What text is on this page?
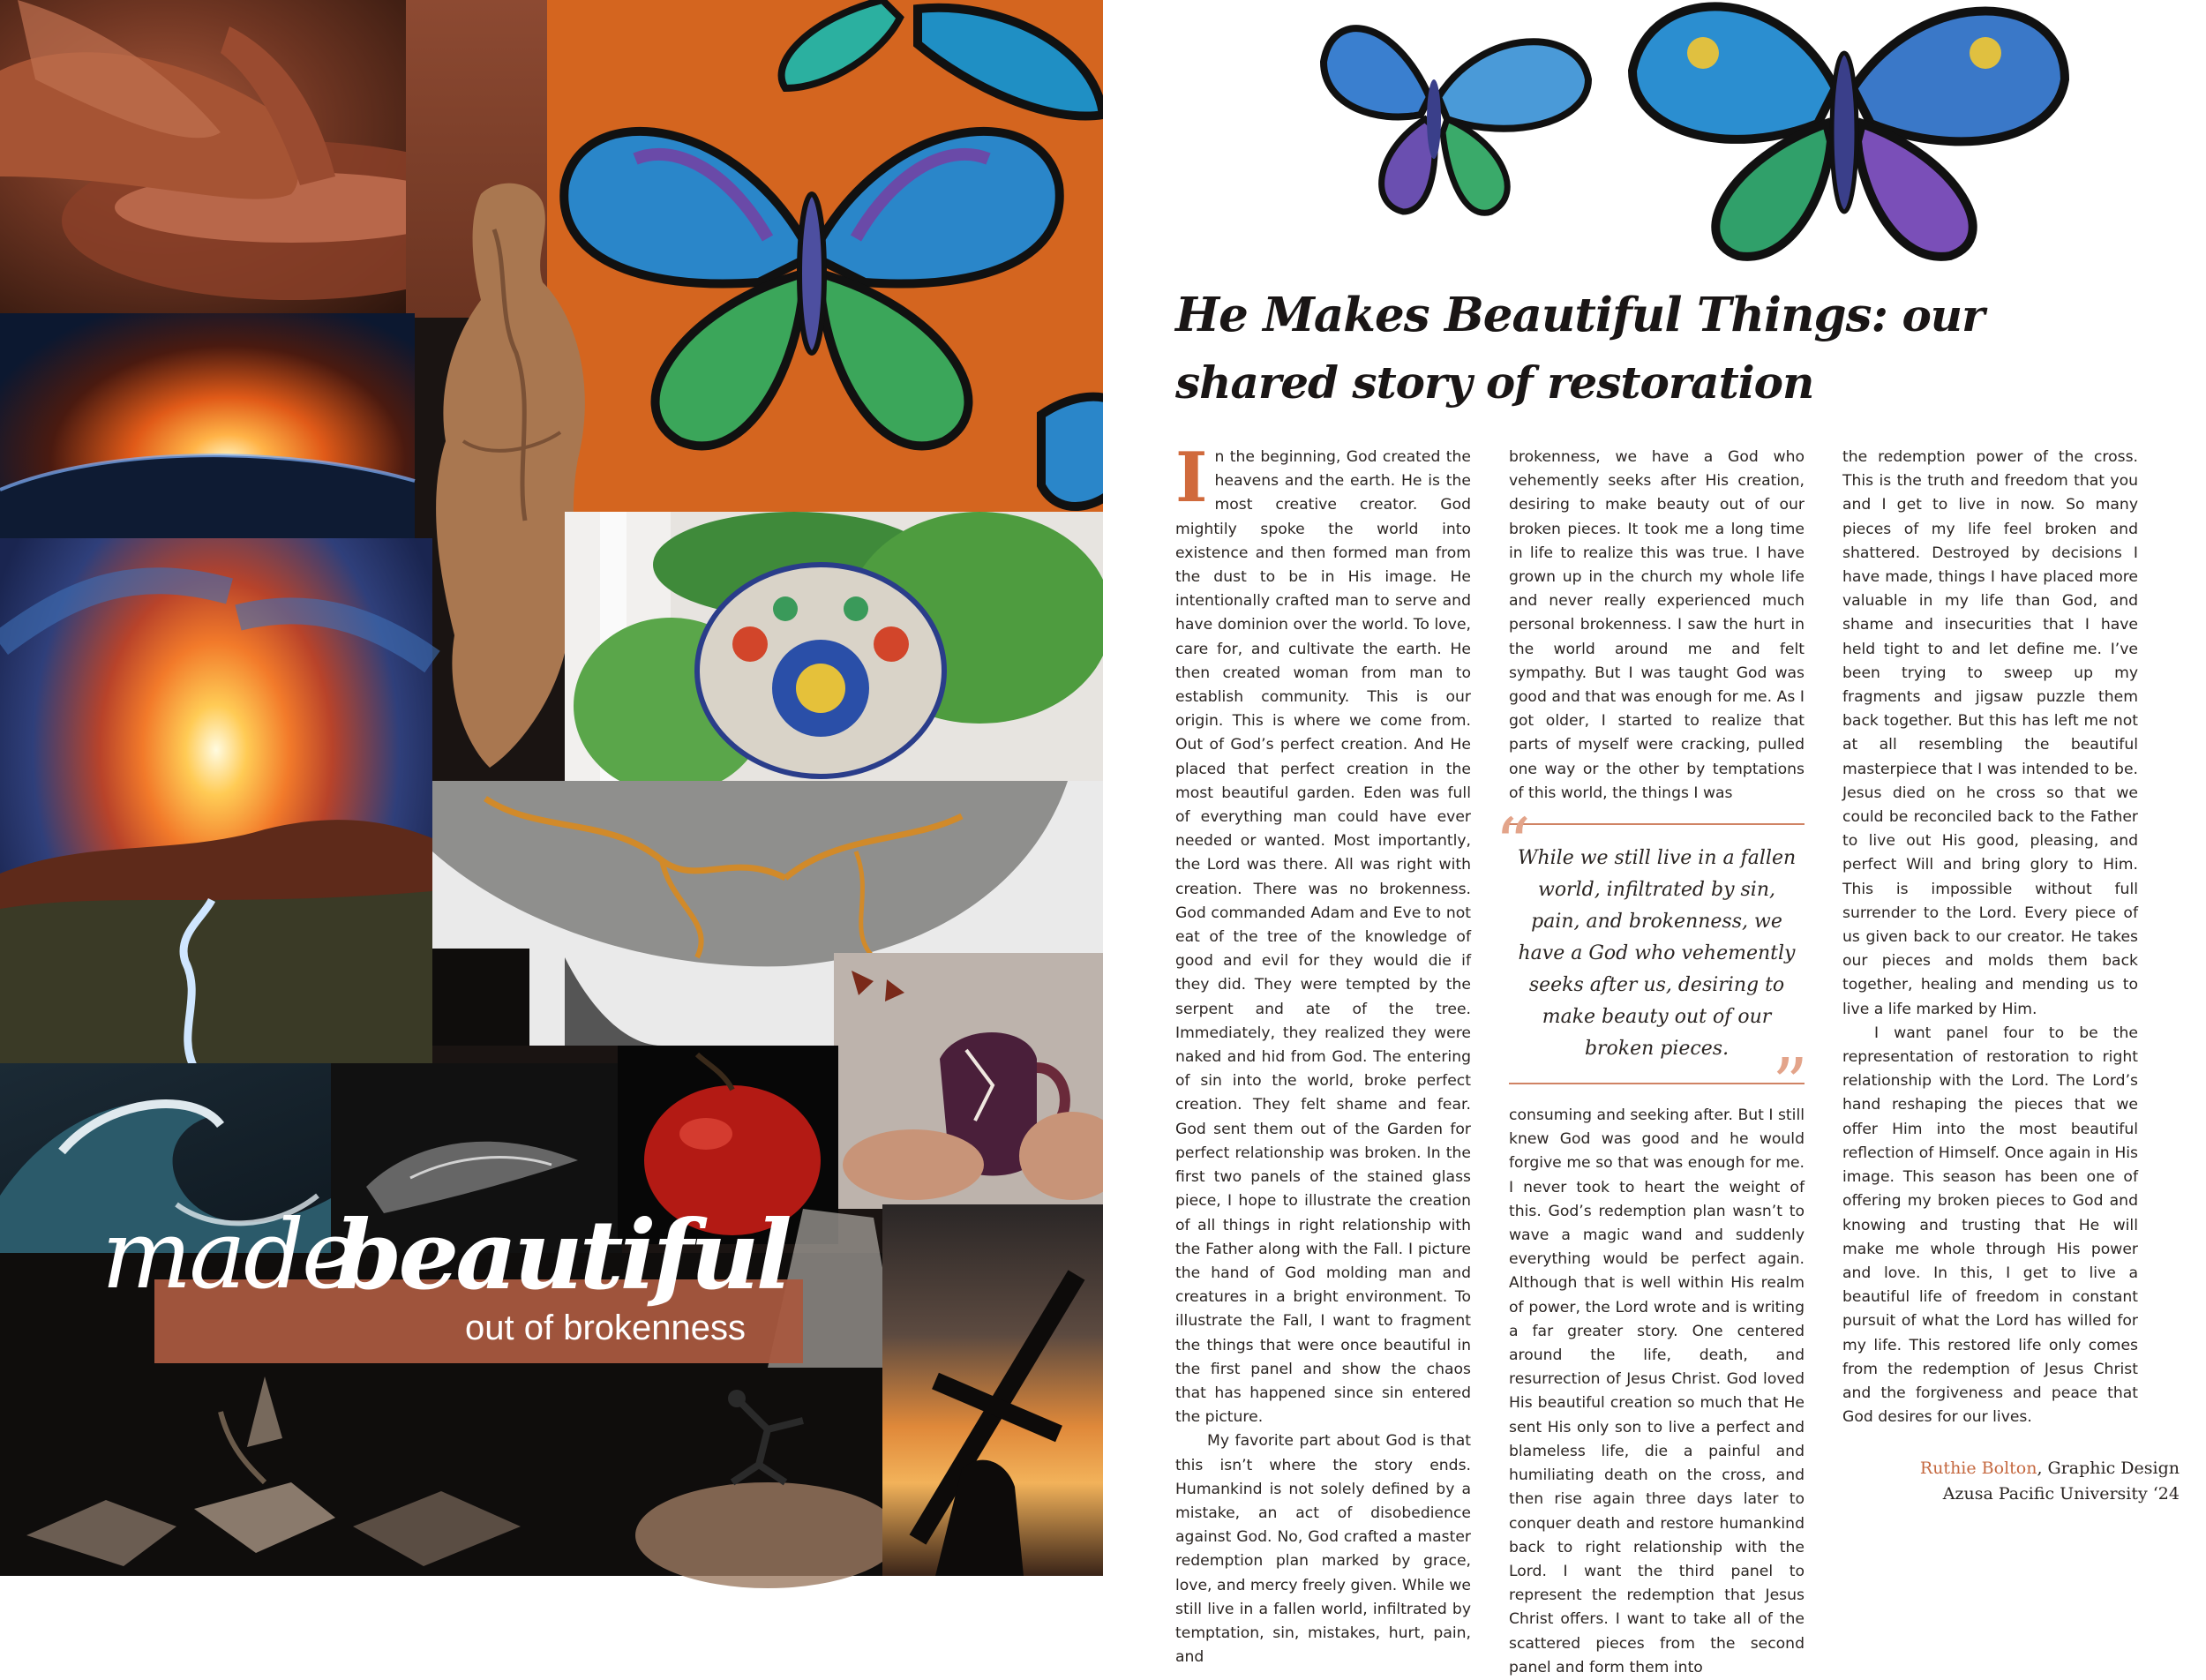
made
beautiful
out of brokenness
He Makes Beautiful Things: our shared story of restoration

In the beginning, God created the heavens and the earth. He is the most creative creator. God mightily spoke the world into existence and then formed man from the dust to be in His image. He intentionally crafted man to serve and have dominion over the world. To love, care for, and cultivate the earth. He then created woman from man to establish community. This is our origin. This is where we come from. Out of God’s perfect creation. And He placed that perfect creation in the most beautiful garden. Eden was full of everything man could have ever needed or wanted. Most importantly, the Lord was there. All was right with creation. There was no brokenness. God commanded Adam and Eve to not eat of the tree of the knowledge of good and evil for they would die if they did. They were tempted by the serpent and ate of the tree. Immediately, they realized they were naked and hid from God. The entering of sin into the world, broke perfect creation. They felt shame and fear. God sent them out of the Garden for perfect relationship was broken. In the first two panels of the stained glass piece, I hope to illustrate the creation of all things in right relationship with the Father along with the Fall. I picture the hand of God molding man and creatures in a bright environment. To illustrate the Fall, I want to fragment the things that were once beautiful in the first panel and show the chaos that has happened since sin entered the picture.

My favorite part about God is that this isn’t where the story ends. Humankind is not solely defined by a mistake, an act of disobedience against God. No, God crafted a master redemption plan marked by grace, love, and mercy freely given. While we still live in a fallen world, infiltrated by temptation, sin, mistakes, hurt, pain, and

brokenness, we have a God who vehemently seeks after His creation, desiring to make beauty out of our broken pieces. It took me a long time in life to realize this was true. I have grown up in the church my whole life and never really experienced much personal brokenness. I saw the hurt in the world around me and felt sympathy. But I was taught God was good and that was enough for me. As I got older, I started to realize that parts of myself were cracking, pulled one way or the other by temptations of this world, the things I was

“
While we still live in a fallen world, infiltrated by sin, pain, and brokenness, we have a God who vehemently seeks after us, desiring to make beauty out of our broken pieces. ”

consuming and seeking after. But I still knew God was good and he would forgive me so that was enough for me. I never took to heart the weight of this. God’s redemption plan wasn’t to wave a magic wand and suddenly everything would be perfect again. Although that is well within His realm of power, the Lord wrote and is writing a far greater story. One centered around the life, death, and resurrection of Jesus Christ. God loved His beautiful creation so much that He sent His only son to live a perfect and blameless life, die a painful and humiliating death on the cross, and then rise again three days later to conquer death and restore humankind back to right relationship with the Lord. I want the third panel to represent the redemption that Jesus Christ offers. I want to take all of the scattered pieces from the second panel and form them into

the redemption power of the cross. This is the truth and freedom that you and I get to live in now. So many pieces of my life feel broken and shattered. Destroyed by decisions I have made, things I have placed more valuable in my life than God, and shame and insecurities that I have held tight to and let define me. I’ve been trying to sweep up my fragments and jigsaw puzzle them back together. But this has left me not at all resembling the beautiful masterpiece that I was intended to be. Jesus died on he cross so that we could be reconciled back to the Father to live out His good, pleasing, and perfect Will and bring glory to Him. This is impossible without full surrender to the Lord. Every piece of us given back to our creator. He takes our pieces and molds them back together, healing and mending us to live a life marked by Him.

I want panel four to be the representation of restoration to right relationship with the Lord. The Lord’s hand reshaping the pieces that we offer Him into the most beautiful reflection of Himself. Once again in His image. This season has been one of offering my broken pieces to God and knowing and trusting that He will make me whole through His power and love. In this, I get to live a beautiful life of freedom in constant pursuit of what the Lord has willed for my life. This restored life only comes from the redemption of Jesus Christ and the forgiveness and peace that God desires for our lives.

Ruthie Bolton, Graphic Design
Azusa Pacific University ‘24
